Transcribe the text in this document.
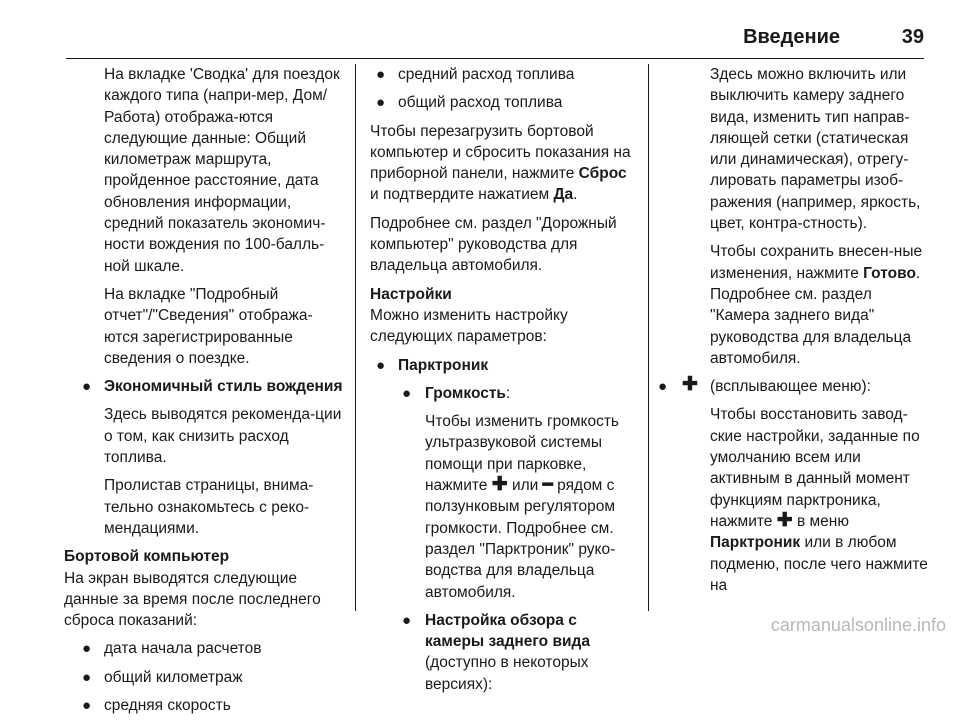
Введение	39

На вкладке 'Сводка' для поездок каждого типа (напри-мер, Дом/Работа) отобража-ются следующие данные: Общий километраж маршрута, пройденное расстояние, дата обновления информации, средний показатель экономич-ности вождения по 100-балль-ной шкале.

На вкладке "Подробный отчет"/"Сведения" отобража-ются зарегистрированные сведения о поездке.

● Экономичный стиль вождения

Здесь выводятся рекоменда-ции о том, как снизить расход топлива.

Пролистав страницы, внима-тельно ознакомьтесь с реко-мендациями.

Бортовой компьютер

На экран выводятся следующие данные за время после последнего сброса показаний:

● дата начала расчетов
● общий километраж
● средняя скорость
● средний расход топлива
● общий расход топлива

Чтобы перезагрузить бортовой компьютер и сбросить показания на приборной панели, нажмите Сброс и подтвердите нажатием Да.

Подробнее см. раздел "Дорожный компьютер" руководства для владельца автомобиля.

Настройки

Можно изменить настройку следующих параметров:

● Парктроник
● Громкость:

Чтобы изменить громкость ультразвуковой системы помощи при парковке, нажмите ✚ или ━ рядом с ползунковым регулятором громкости. Подробнее см. раздел "Парктроник" руко-водства для владельца автомобиля.

● Настройка обзора с камеры заднего вида (доступно в некоторых версиях):

Здесь можно включить или выключить камеру заднего вида, изменить тип направ-ляющей сетки (статическая или динамическая), отрегу-лировать параметры изоб-ражения (например, яркость, цвет, контра-стность).

Чтобы сохранить внесен-ные изменения, нажмите Готово. Подробнее см. раздел "Камера заднего вида" руководства для владельца автомобиля.

● ✚ (всплывающее меню):

Чтобы восстановить завод-ские настройки, заданные по умолчанию всем или активным в данный момент функциям парктроника, нажмите ✚ в меню Парктроник или в любом подменю, после чего нажмите на

carmanualsonline.info
